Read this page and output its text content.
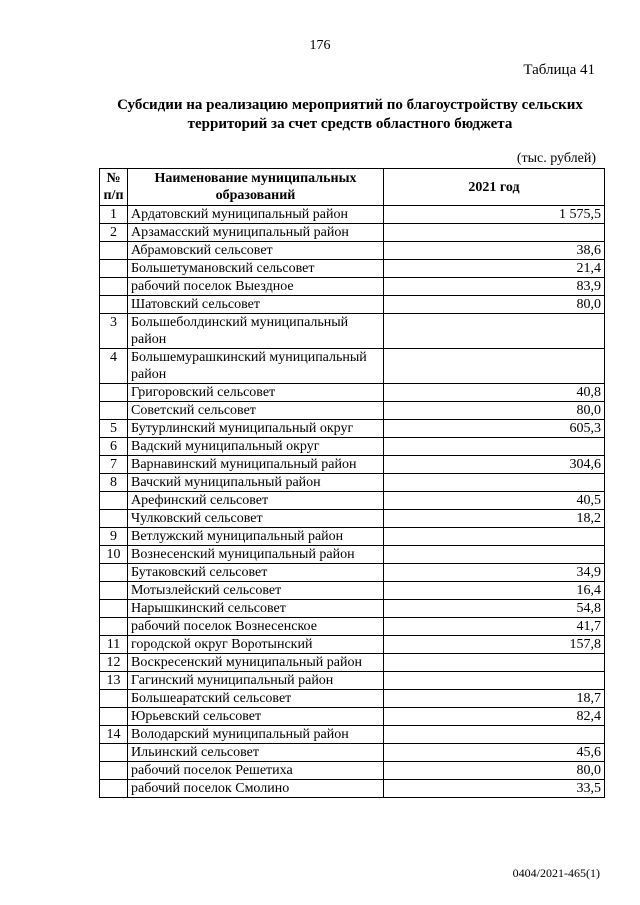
176
Таблица 41
Субсидии на реализацию мероприятий по благоустройству сельских
территорий за счет средств областного бюджета
(тыс. рублей)
№ п/п	Наименование муниципальных образований	2021 год
1	Ардатовский муниципальный район	1 575,5
2	Арзамасский муниципальный район	
	Абрамовский сельсовет	38,6
	Большетумановский сельсовет	21,4
	рабочий поселок Выездное	83,9
	Шатовский сельсовет	80,0
3	Большеболдинский муниципальный район	
4	Большемурашкинский муниципальный район	
	Григоровский сельсовет	40,8
	Советский сельсовет	80,0
5	Бутурлинский муниципальный округ	605,3
6	Вадский муниципальный округ	
7	Варнавинский муниципальный район	304,6
8	Вачский муниципальный район	
	Арефинский сельсовет	40,5
	Чулковский сельсовет	18,2
9	Ветлужский муниципальный район	
10	Вознесенский муниципальный район	
	Бутаковский сельсовет	34,9
	Мотызлейский сельсовет	16,4
	Нарышкинский сельсовет	54,8
	рабочий поселок Вознесенское	41,7
11	городской округ Воротынский	157,8
12	Воскресенский муниципальный район	
13	Гагинский муниципальный район	
	Большеаратский сельсовет	18,7
	Юрьевский сельсовет	82,4
14	Володарский муниципальный район	
	Ильинский сельсовет	45,6
	рабочий поселок Решетиха	80,0
	рабочий поселок Смолино	33,5
0404/2021-465(1)
